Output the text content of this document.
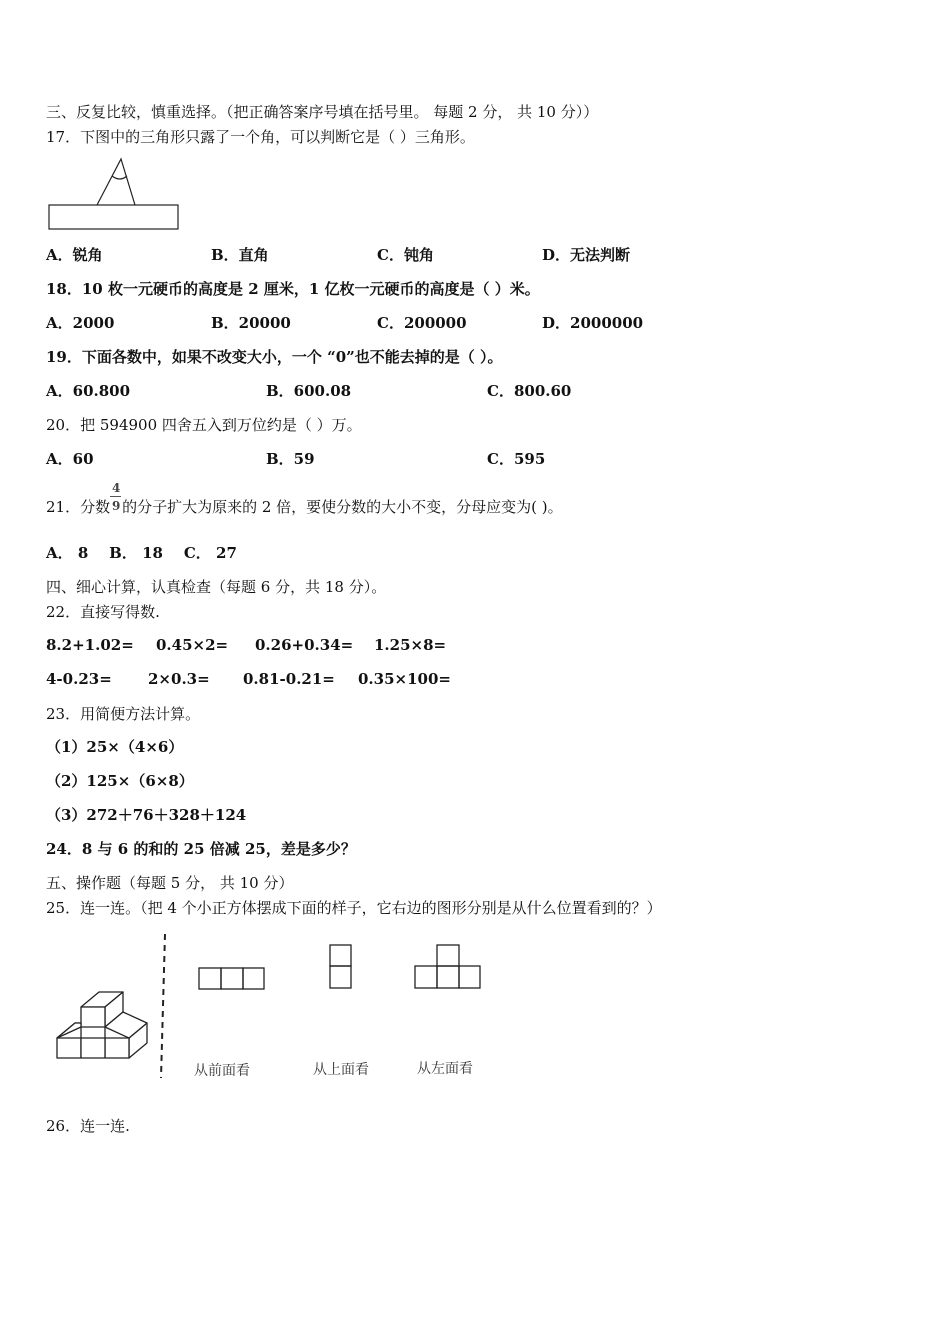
三、反复比较，慎重选择。（把正确答案序号填在括号里。 每题 2 分， 共 10 分））
17．下图中的三角形只露了一个角，可以判断它是（ ）三角形。
A．锐角	B．直角	C．钝角	D．无法判断
18．10 枚一元硬币的高度是 2 厘米，1 亿枚一元硬币的高度是（ ）米。
A．2000	B．20000	C．200000	D．2000000
19．下面各数中，如果不改变大小，一个 “0”也不能去掉的是（ ）。
A．60.800	B．600.08	C．800.60
20．把 594900 四舍五入到万位约是（ ）万。
A．60	B．59	C．595
21．分数 的分子扩大为原来的 2 倍，要使分数的大小不变，分母应变为( )。
4
9
A． 8    B． 18    C． 27
四、细心计算，认真检查（每题 6 分，共 18 分）。
22．直接写得数.
8.2+1.02= 0.45×2= 0.26+0.34= 1.25×8=
4-0.23= 2×0.3= 0.81-0.21= 0.35×100=
23．用简便方法计算。
（1）25×（4×6）
（2）125×（6×8）
（3）272＋76＋328＋124
24．8 与 6 的和的 25 倍减 25，差是多少？
五、操作题（每题 5 分， 共 10 分）
25．连一连。（把 4 个小正方体摆成下面的样子，它右边的图形分别是从什么位置看到的？）
从前面看	从上面看	从左面看
26．连一连.
